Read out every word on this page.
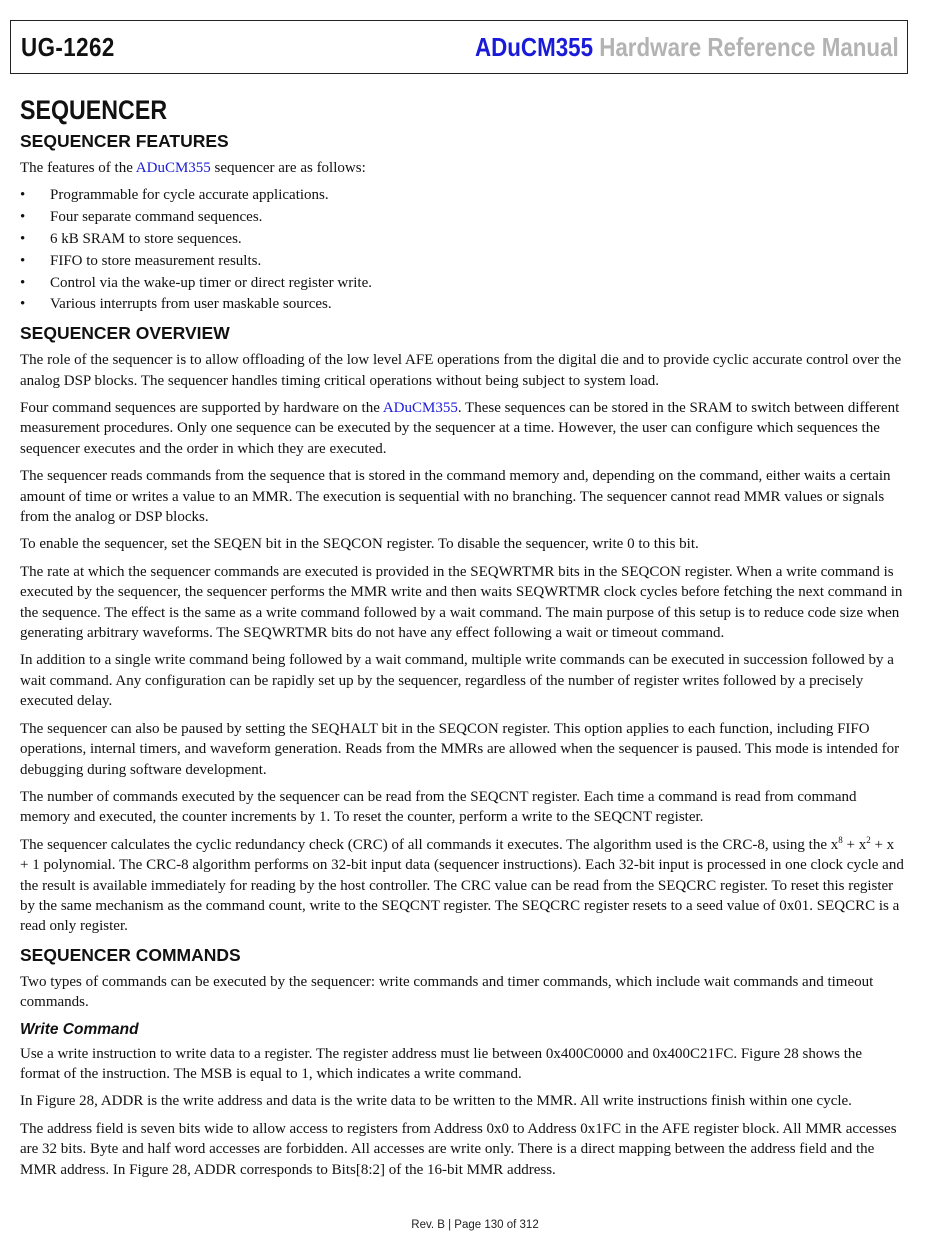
UG-1262	ADuCM355 Hardware Reference Manual
SEQUENCER
SEQUENCER FEATURES

The features of the ADuCM355 sequencer are as follows:

• Programmable for cycle accurate applications.
• Four separate command sequences.
• 6 kB SRAM to store sequences.
• FIFO to store measurement results.
• Control via the wake-up timer or direct register write.
• Various interrupts from user maskable sources.
SEQUENCER OVERVIEW

The role of the sequencer is to allow offloading of the low level AFE operations from the digital die and to provide cyclic accurate control over the analog DSP blocks. The sequencer handles timing critical operations without being subject to system load.

Four command sequences are supported by hardware on the ADuCM355. These sequences can be stored in the SRAM to switch between different measurement procedures. Only one sequence can be executed by the sequencer at a time. However, the user can configure which sequences the sequencer executes and the order in which they are executed.

The sequencer reads commands from the sequence that is stored in the command memory and, depending on the command, either waits a certain amount of time or writes a value to an MMR. The execution is sequential with no branching. The sequencer cannot read MMR values or signals from the analog or DSP blocks.

To enable the sequencer, set the SEQEN bit in the SEQCON register. To disable the sequencer, write 0 to this bit.

The rate at which the sequencer commands are executed is provided in the SEQWRTMR bits in the SEQCON register. When a write command is executed by the sequencer, the sequencer performs the MMR write and then waits SEQWRTMR clock cycles before fetching the next command in the sequence. The effect is the same as a write command followed by a wait command. The main purpose of this setup is to reduce code size when generating arbitrary waveforms. The SEQWRTMR bits do not have any effect following a wait or timeout command.

In addition to a single write command being followed by a wait command, multiple write commands can be executed in succession followed by a wait command. Any configuration can be rapidly set up by the sequencer, regardless of the number of register writes followed by a precisely executed delay.

The sequencer can also be paused by setting the SEQHALT bit in the SEQCON register. This option applies to each function, including FIFO operations, internal timers, and waveform generation. Reads from the MMRs are allowed when the sequencer is paused. This mode is intended for debugging during software development.

The number of commands executed by the sequencer can be read from the SEQCNT register. Each time a command is read from command memory and executed, the counter increments by 1. To reset the counter, perform a write to the SEQCNT register.

The sequencer calculates the cyclic redundancy check (CRC) of all commands it executes. The algorithm used is the CRC-8, using the $x^8 + x^2 + x + 1$ polynomial. The CRC-8 algorithm performs on 32-bit input data (sequencer instructions). Each 32-bit input is processed in one clock cycle and the result is available immediately for reading by the host controller. The CRC value can be read from the SEQCRC register. To reset this register by the same mechanism as the command count, write to the SEQCNT register. The SEQCRC register resets to a seed value of 0x01. SEQCRC is a read only register.

SEQUENCER COMMANDS

Two types of commands can be executed by the sequencer: write commands and timer commands, which include wait commands and timeout commands.

Write Command

Use a write instruction to write data to a register. The register address must lie between 0x400C0000 and 0x400C21FC. Figure 28 shows the format of the instruction. The MSB is equal to 1, which indicates a write command.

In Figure 28, ADDR is the write address and data is the write data to be written to the MMR. All write instructions finish within one cycle.

The address field is seven bits wide to allow access to registers from Address 0x0 to Address 0x1FC in the AFE register block. All MMR accesses are 32 bits. Byte and half word accesses are forbidden. All accesses are write only. There is a direct mapping between the address field and the MMR address. In Figure 28, ADDR corresponds to Bits[8:2] of the 16-bit MMR address.

Rev. B | Page 130 of 312
